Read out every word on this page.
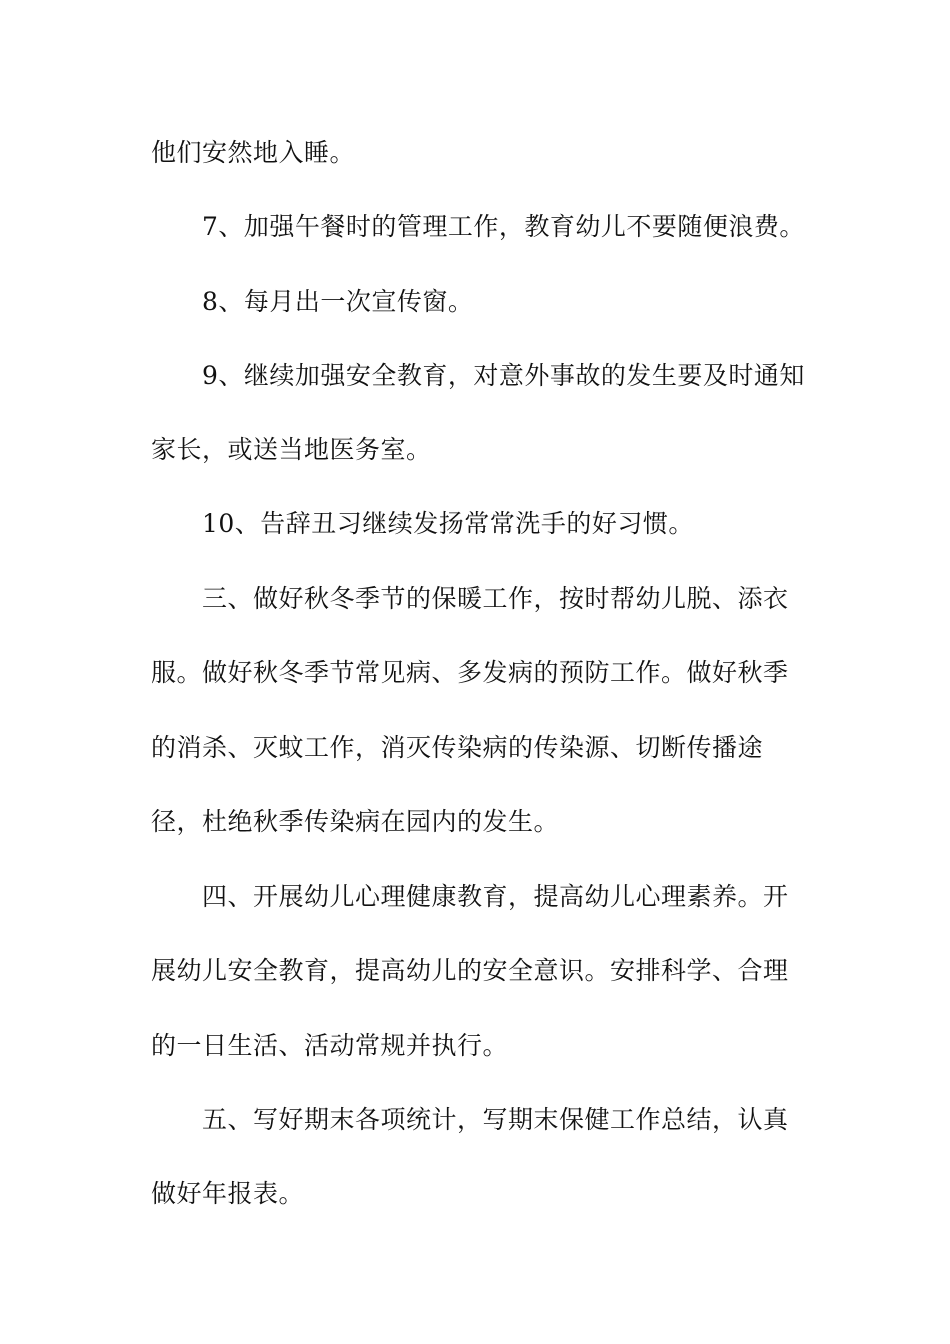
他们安然地入睡。
7、加强午餐时的管理工作，教育幼儿不要随便浪费。
8、每月出一次宣传窗。
9、继续加强安全教育，对意外事故的发生要及时通知
家长，或送当地医务室。
10、告辞丑习继续发扬常常洗手的好习惯。
三、做好秋冬季节的保暖工作，按时帮幼儿脱、添衣
服。做好秋冬季节常见病、多发病的预防工作。做好秋季
的消杀、灭蚊工作，消灭传染病的传染源、切断传播途
径，杜绝秋季传染病在园内的发生。
四、开展幼儿心理健康教育，提高幼儿心理素养。开
展幼儿安全教育，提高幼儿的安全意识。安排科学、合理
的一日生活、活动常规并执行。
五、写好期末各项统计，写期末保健工作总结，认真
做好年报表。
